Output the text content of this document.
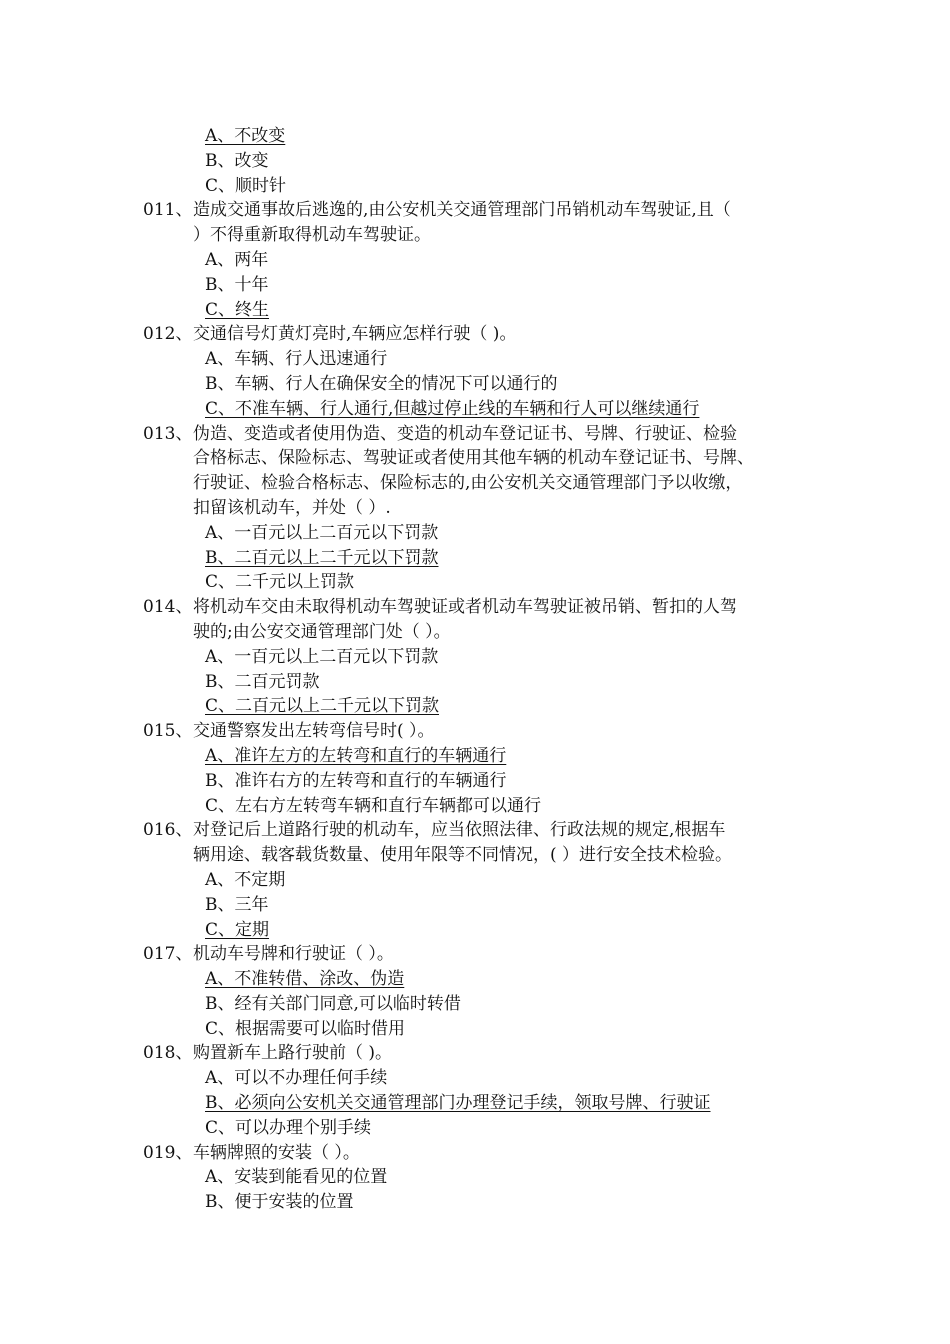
A、不改变
B、改变
C、顺时针
011、造成交通事故后逃逸的,由公安机关交通管理部门吊销机动车驾驶证,且（
）不得重新取得机动车驾驶证。
A、两年
B、十年
C、终生
012、交通信号灯黄灯亮时,车辆应怎样行驶（ )。
A、车辆、行人迅速通行
B、车辆、行人在确保安全的情况下可以通行的
C、不准车辆、行人通行,但越过停止线的车辆和行人可以继续通行
013、伪造、变造或者使用伪造、变造的机动车登记证书、号牌、行驶证、检验
合格标志、保险标志、驾驶证或者使用其他车辆的机动车登记证书、号牌、
行驶证、检验合格标志、保险标志的,由公安机关交通管理部门予以收缴，
扣留该机动车，并处（ ）.
A、一百元以上二百元以下罚款
B、二百元以上二千元以下罚款
C、二千元以上罚款
014、将机动车交由未取得机动车驾驶证或者机动车驾驶证被吊销、暂扣的人驾
驶的;由公安交通管理部门处（ ）。
A、一百元以上二百元以下罚款
B、二百元罚款
C、二百元以上二千元以下罚款
015、交通警察发出左转弯信号时( ）。
A、准许左方的左转弯和直行的车辆通行
B、准许右方的左转弯和直行的车辆通行
C、左右方左转弯车辆和直行车辆都可以通行
016、对登记后上道路行驶的机动车，应当依照法律、行政法规的规定,根据车
辆用途、载客载货数量、使用年限等不同情况，( ）进行安全技术检验。
A、不定期
B、三年
C、定期
017、机动车号牌和行驶证（ ）。
A、不准转借、涂改、伪造
B、经有关部门同意,可以临时转借
C、根据需要可以临时借用
018、购置新车上路行驶前（ )。
A、可以不办理任何手续
B、必须向公安机关交通管理部门办理登记手续，领取号牌、行驶证
C、可以办理个别手续
019、车辆牌照的安装（ ）。
A、安装到能看见的位置
B、便于安装的位置
